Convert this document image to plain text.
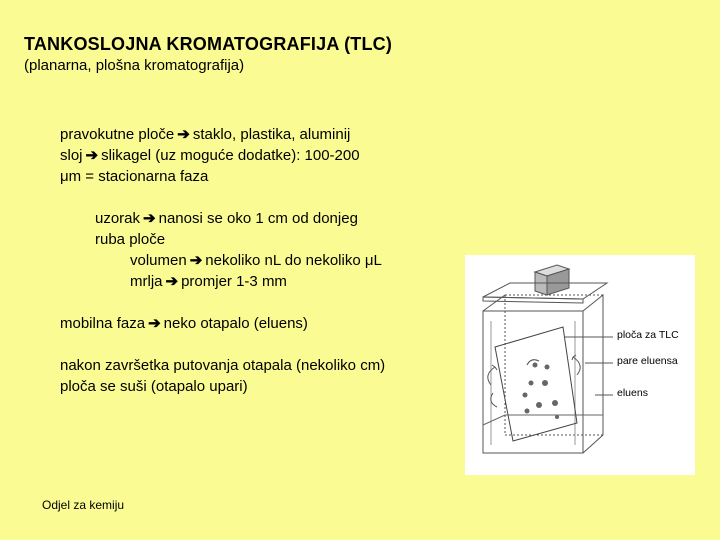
TANKOSLOJNA KROMATOGRAFIJA (TLC)
(planarna, plošna kromatografija)
pravokutne ploče ➔ staklo, plastika, aluminij
sloj ➔ slikagel (uz moguće dodatke): 100-200
μm = stacionarna faza
uzorak ➔ nanosi se oko 1 cm od donjeg
ruba ploče
volumen ➔ nekoliko nL do nekoliko μL
mrlja ➔ promjer 1-3 mm
mobilna faza ➔ neko otapalo (eluens)
nakon završetka putovanja otapala (nekoliko cm)
ploča se suši (otapalo upari)
ploča za TLC
pare eluensa
eluens
Odjel za kemiju
